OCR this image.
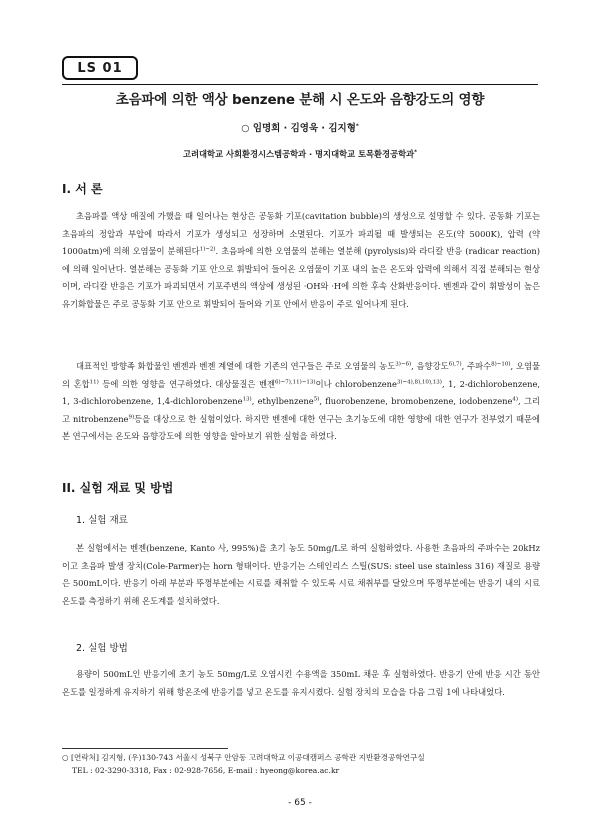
LS 01
초음파에 의한 액상 benzene 분해 시 온도와 음향강도의 영향
○ 임명희 · 김영욱 · 김지형*
고려대학교 사회환경시스템공학과 · 명지대학교 토목환경공학과*
I. 서 론

초음파를 액상 매질에 가했을 때 일어나는 현상은 공동화 기포(cavitation bubble)의 생성으로 설명할 수 있다. 공동화 기포는 초음파의 정압과 부압에 따라서 기포가 생성되고 성장하며 소멸된다. 기포가 파괴될 때 발생되는 온도(약 5000K), 압력 (약 1000atm)에 의해 오염물이 분해된다$^{1)\sim 2)}$. 초음파에 의한 오염물의 분해는 열분해 (pyrolysis)와 라디칼 반응 (radicar reaction)에 의해 일어난다. 열분해는 공동화 기포 안으로 휘발되어 들어온 오염물이 기포 내의 높은 온도와 압력에 의해서 직접 분해되는 현상이며, 라디칼 반응은 기포가 파괴되면서 기포주변의 액상에 생성된 ·OH와 ·H에 의한 후속 산화반응이다. 벤젠과 같이 휘발성이 높은 유기화합물은 주로 공동화 기포 안으로 휘발되어 들어와 기포 안에서 반응이 주로 일어나게 된다.

대표적인 방향족 화합물인 벤젠과 벤젠 계열에 대한 기존의 연구들은 주로 오염물의 농도$^{3)\sim 6)}$, 음향강도$^{6),7)}$, 주파수$^{8)\sim 10)}$, 오염물의 혼합$^{11)}$ 등에 의한 영향을 연구하였다. 대상물질은 벤젠$^{6)\sim 7),11)\sim 13)}$이나 chlorobenzene$^{3)\sim 4),8),10),13)}$, 1, 2-dichlorobenzene, 1, 3-dichlorobenzene, 1,4-dichlorobenzene$^{13)}$, ethylbenzene$^{5)}$, fluorobenzene, bromobenzene, iodobenzene$^{4)}$, 그리고 nitrobenzene$^{9)}$등을 대상으로 한 실험이었다. 하지만 벤젠에 대한 연구는 초기농도에 대한 영향에 대한 연구가 전부였기 때문에 본 연구에서는 온도와 음향강도에 의한 영향을 알아보기 위한 실험을 하였다.

II. 실험 재료 및 방법
1. 실험 재료

본 실험에서는 벤젠(benzene, Kanto 사, 995%)을 초기 농도 50mg/L로 하여 실험하였다. 사용한 초음파의 주파수는 20kHz이고 초음파 발생 장치(Cole-Parmer)는 horn 형태이다. 반응기는 스테인리스 스틸(SUS: steel use stainless 316) 재질로 용량은 500mL이다. 반응기 아래 부분과 뚜껑부분에는 시료를 채취할 수 있도록 시료 채취부를 달았으며 뚜껑부분에는 반응기 내의 시료 온도를 측정하기 위해 온도계를 설치하였다.

2. 실험 방법

용량이 500mL인 반응기에 초기 농도 50mg/L로 오염시킨 수용액을 350mL 채운 후 실험하였다. 반응기 안에 반응 시간 동안 온도를 일정하게 유지하기 위해 항온조에 반응기를 넣고 온도를 유지시켰다. 실험 장치의 모습을 다음 그림 1에 나타내었다.

○ [연락처] 김지형, (우)130-743 서울시 성북구 안암동 고려대학교 이공대캠퍼스 공학관 지반환경공학연구실
TEL : 02-3290-3318, Fax : 02-928-7656, E-mail : hyeong@korea.ac.kr
- 65 -
